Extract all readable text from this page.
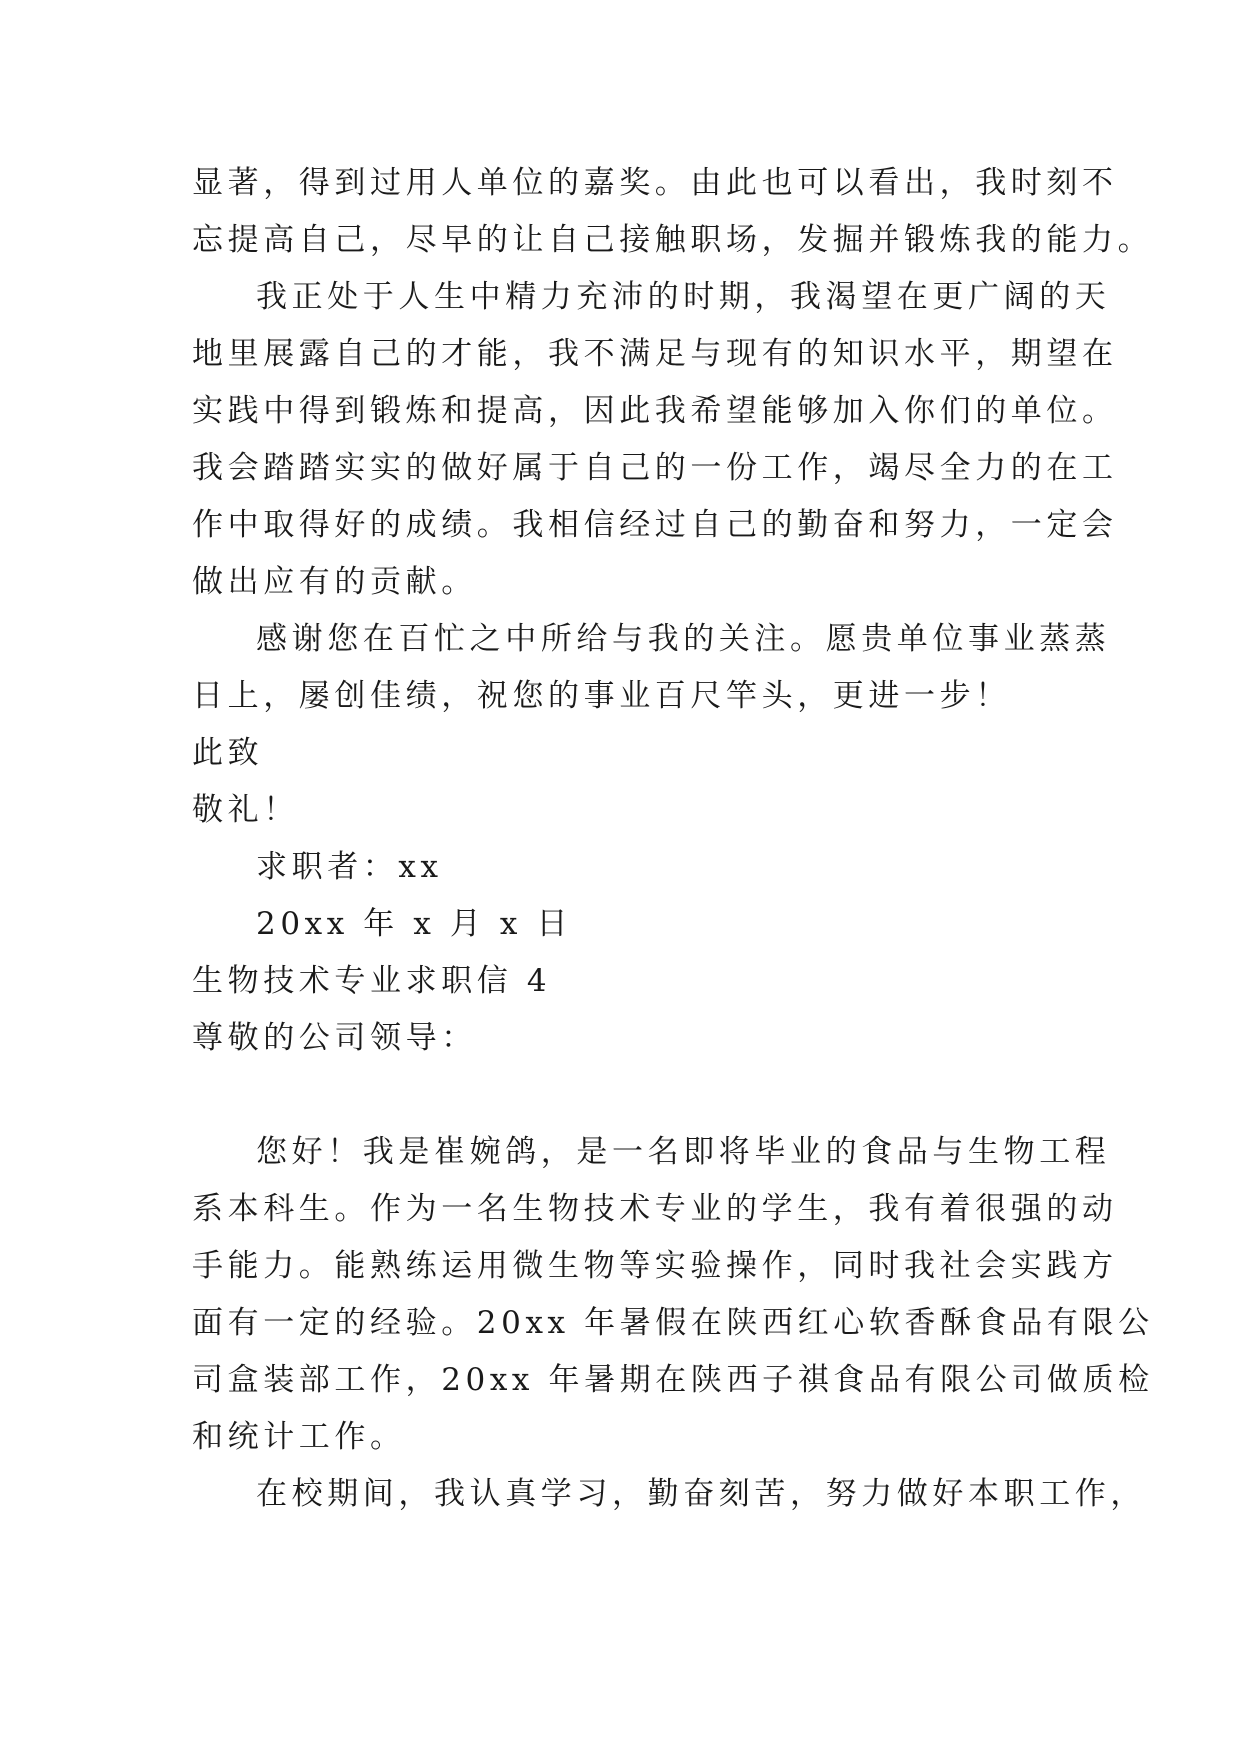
显著，得到过用人单位的嘉奖。由此也可以看出，我时刻不
忘提高自己，尽早的让自己接触职场，发掘并锻炼我的能力。
我正处于人生中精力充沛的时期，我渴望在更广阔的天
地里展露自己的才能，我不满足与现有的知识水平，期望在
实践中得到锻炼和提高，因此我希望能够加入你们的单位。
我会踏踏实实的做好属于自己的一份工作，竭尽全力的在工
作中取得好的成绩。我相信经过自己的勤奋和努力，一定会
做出应有的贡献。
感谢您在百忙之中所给与我的关注。愿贵单位事业蒸蒸
日上，屡创佳绩，祝您的事业百尺竿头，更进一步！
此致
敬礼！
求职者：xx
20xx 年 x 月 x 日
生物技术专业求职信 4
尊敬的公司领导：
您好！我是崔婉鸽，是一名即将毕业的食品与生物工程
系本科生。作为一名生物技术专业的学生，我有着很强的动
手能力。能熟练运用微生物等实验操作，同时我社会实践方
面有一定的经验。20xx 年暑假在陕西红心软香酥食品有限公
司盒装部工作，20xx 年暑期在陕西子祺食品有限公司做质检
和统计工作。
在校期间，我认真学习，勤奋刻苦，努力做好本职工作，
